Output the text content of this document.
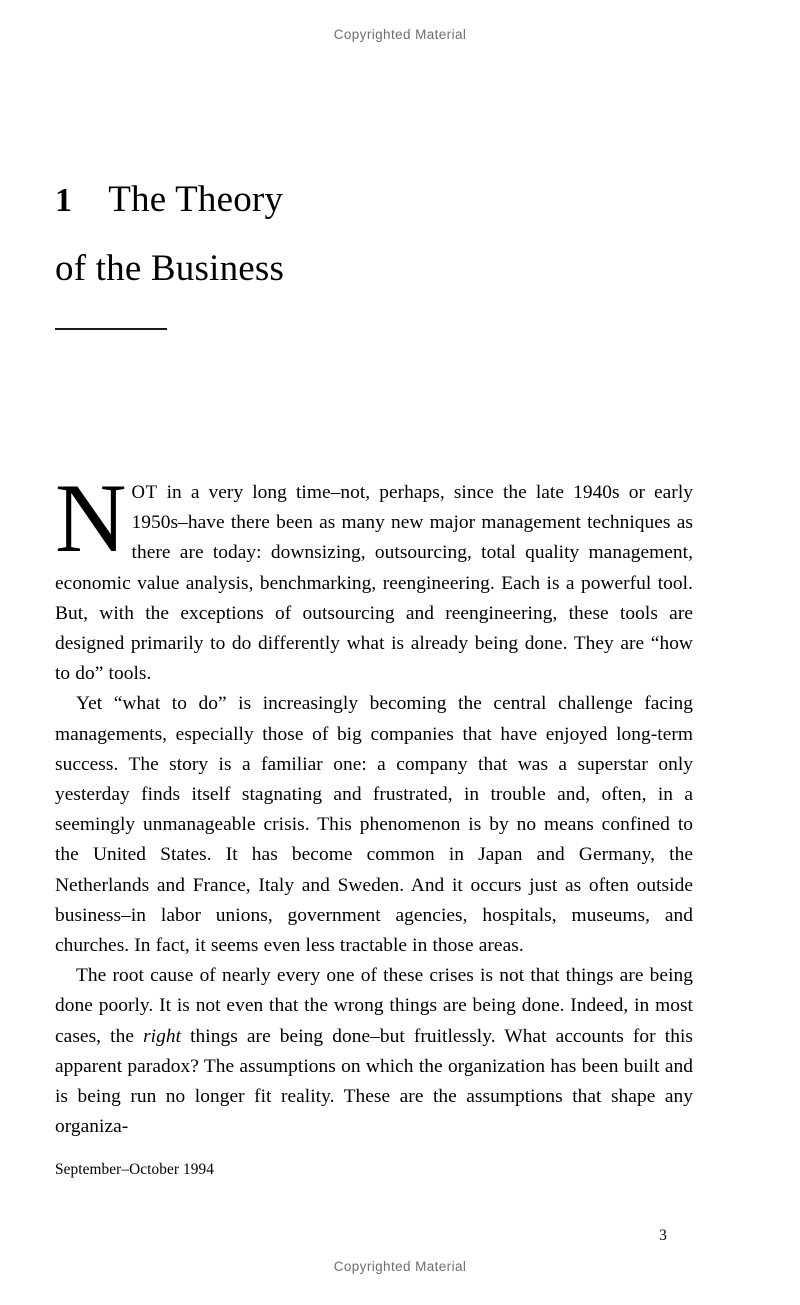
Copyrighted Material
1 The Theory
of the Business

NOT in a very long time–not, perhaps, since the late 1940s or early 1950s–have there been as many new major management techniques as there are today: downsizing, outsourcing, total quality management, economic value analysis, benchmarking, reengineering. Each is a powerful tool. But, with the exceptions of outsourcing and reengineering, these tools are designed primarily to do differently what is already being done. They are “how to do” tools.

Yet “what to do” is increasingly becoming the central challenge facing managements, especially those of big companies that have enjoyed long-term success. The story is a familiar one: a company that was a superstar only yesterday finds itself stagnating and frustrated, in trouble and, often, in a seemingly unmanageable crisis. This phenomenon is by no means confined to the United States. It has become common in Japan and Germany, the Netherlands and France, Italy and Sweden. And it occurs just as often outside business–in labor unions, government agencies, hospitals, museums, and churches. In fact, it seems even less tractable in those areas.

The root cause of nearly every one of these crises is not that things are being done poorly. It is not even that the wrong things are being done. Indeed, in most cases, the right things are being done–but fruitlessly. What accounts for this apparent paradox? The assumptions on which the organization has been built and is being run no longer fit reality. These are the assumptions that shape any organiza-

September–October 1994
3
Copyrighted Material
